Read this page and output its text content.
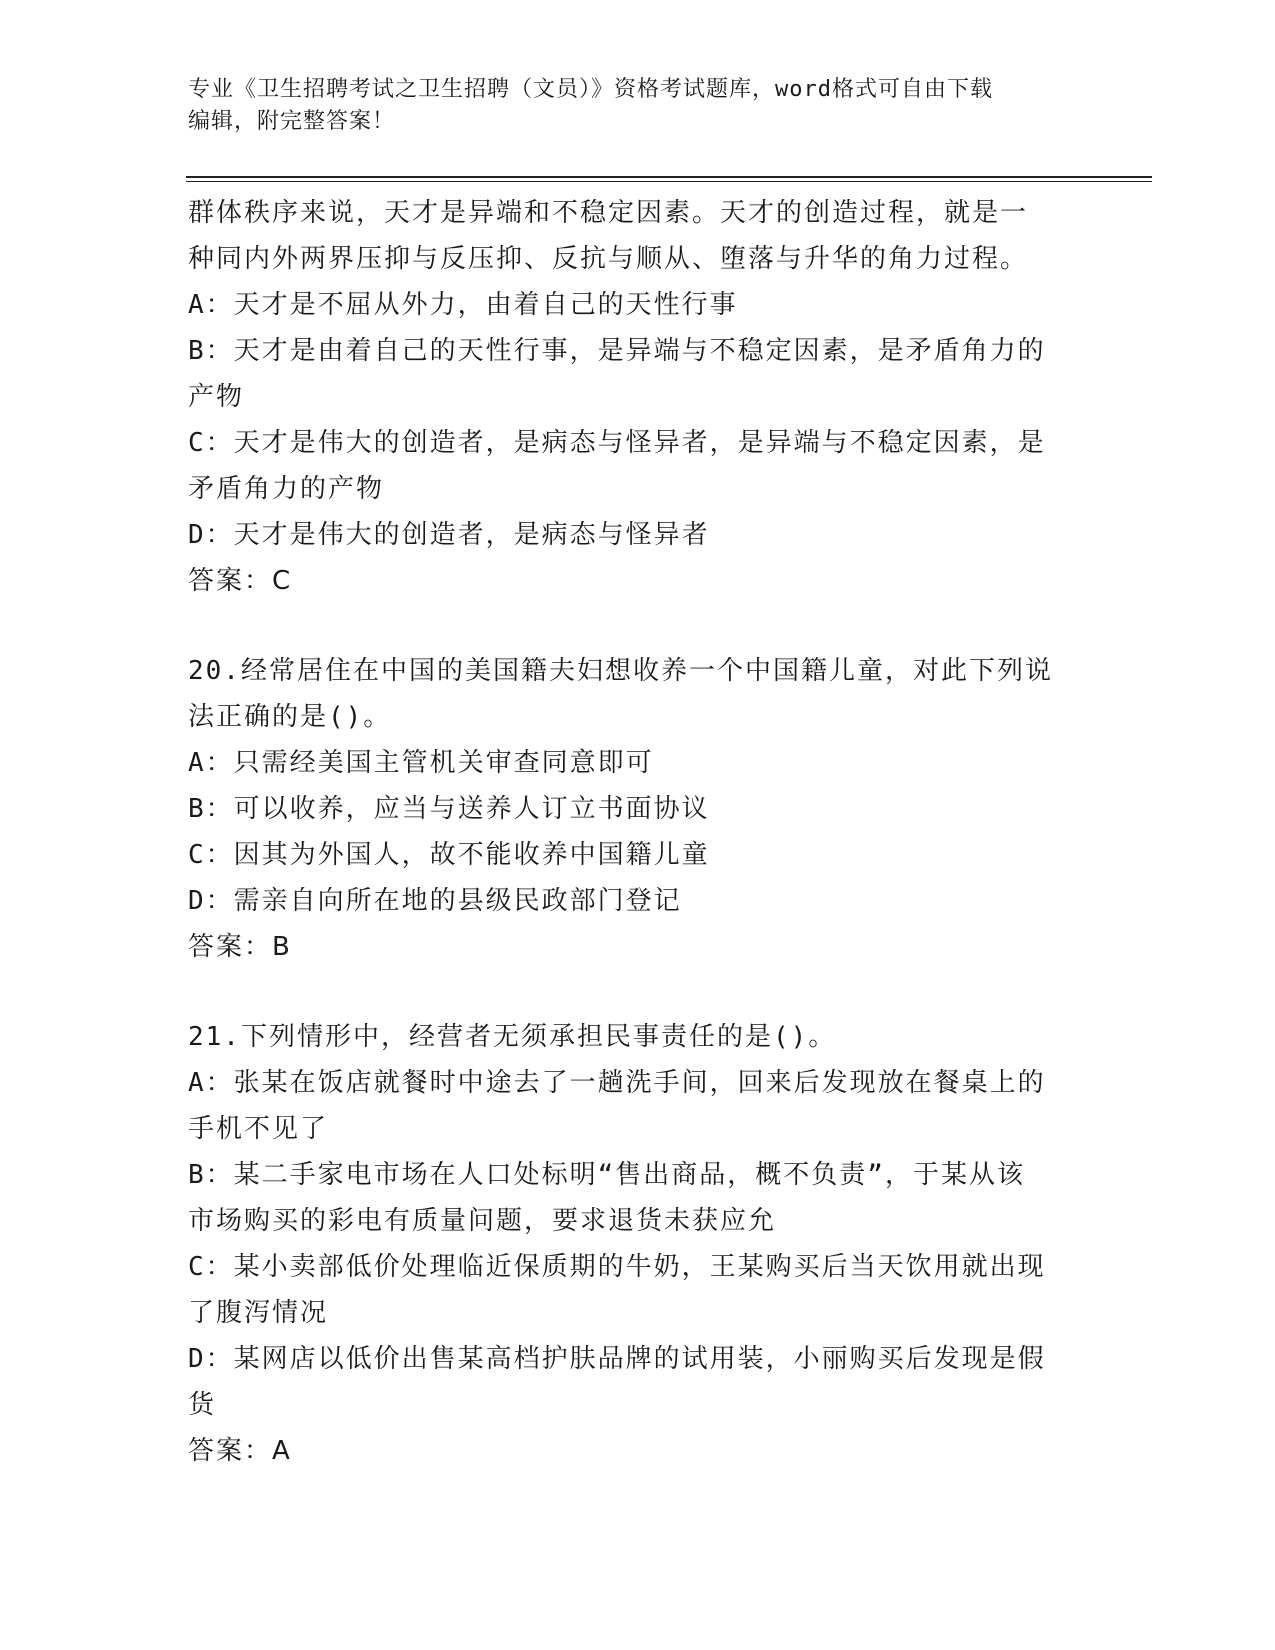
专业《卫生招聘考试之卫生招聘（文员）》资格考试题库，word格式可自由下载
编辑，附完整答案！
群体秩序来说，天才是异端和不稳定因素。天才的创造过程，就是一
种同内外两界压抑与反压抑、反抗与顺从、堕落与升华的角力过程。
A：天才是不屈从外力，由着自己的天性行事
B：天才是由着自己的天性行事，是异端与不稳定因素，是矛盾角力的
产物
C：天才是伟大的创造者，是病态与怪异者，是异端与不稳定因素，是
矛盾角力的产物
D：天才是伟大的创造者，是病态与怪异者
答案：C
20.经常居住在中国的美国籍夫妇想收养一个中国籍儿童，对此下列说
法正确的是()。
A：只需经美国主管机关审查同意即可
B：可以收养，应当与送养人订立书面协议
C：因其为外国人，故不能收养中国籍儿童
D：需亲自向所在地的县级民政部门登记
答案：B
21.下列情形中，经营者无须承担民事责任的是()。
A：张某在饭店就餐时中途去了一趟洗手间，回来后发现放在餐桌上的
手机不见了
B：某二手家电市场在人口处标明“售出商品，概不负责”，于某从该
市场购买的彩电有质量问题，要求退货未获应允
C：某小卖部低价处理临近保质期的牛奶，王某购买后当天饮用就出现
了腹泻情况
D：某网店以低价出售某高档护肤品牌的试用装，小丽购买后发现是假
货
答案：A
